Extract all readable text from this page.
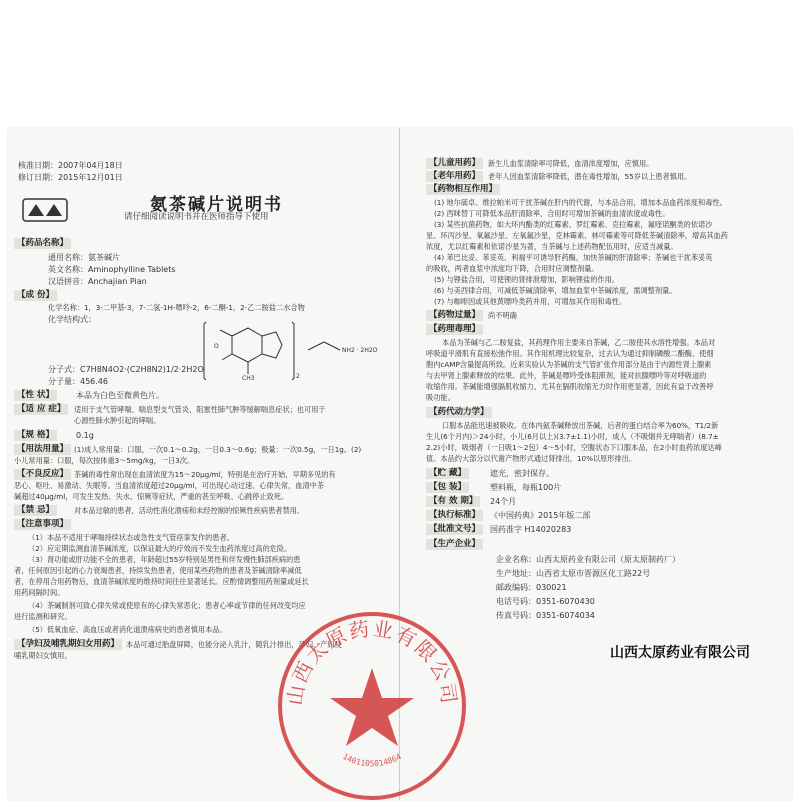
核准日期：2007年04月18日
修订日期：2015年12月01日
氨茶碱片说明书
请仔细阅读说明书并在医师指导下使用
【药品名称】
通用名称：氨茶碱片
英文名称：Aminophylline Tablets
汉语拼音：Anchajian Pian
【成 份】
化学名称：1，3-二甲基-3，7-二氢-1H-嘌呤-2，6-二酮-1，2-乙二胺盐二水合物
化学结构式：
O
CH3	2
NH2 · 2H2O
分子式：C7H8N4O2·(C2H8N2)1/2·2H2O
分子量：456.46
【性 状】	本品为白色至微黄色片。
【适 应 症】	适用于支气管哮喘、喘息型支气管炎、阻塞性肺气肿等缓解喘息症状；也可用于
心源性肺水肿引起的哮喘。
【规 格】	0.1g
【用法用量】 (1)成人常用量：口服，一次0.1～0.2g，一日0.3～0.6g；极量：一次0.5g，一日1g。(2)
小儿常用量：口服，每次按体重3～5mg/kg，一日3次。
【不良反应】 茶碱的毒性常出现在血清浓度为15～20μg/ml，特别是在治疗开始，早期多见的有
恶心、呕吐、易激动、失眠等。当血清浓度超过20μg/ml，可出现心动过速、心律失常，血清中茶
碱超过40μg/ml，可发生发热、失水、惊厥等症状，严重的甚至呼吸、心跳停止致死。
【禁 忌】	对本品过敏的患者，活动性消化溃疡和未经控制的惊厥性疾病患者禁用。
【注意事项】
（1）本品不适用于哮喘持续状态或急性支气管痉挛发作的患者。
（2）应定期监测血清茶碱浓度，以保证最大的疗效而不发生血药浓度过高的危险。
（3）肾功能或肝功能不全的患者，年龄超过55岁特别是男性和伴发慢性肺部疾病的患
者，任何原因引起的心力衰竭患者，持续发热患者，使用某些药物的患者及茶碱清除率减低
者，在停用合用药物后，血清茶碱浓度的维持时间往往显著延长。应酌情调整用药剂量或延长
用药间隔时间。
（4）茶碱制剂可致心律失常或使原有的心律失常恶化；患者心率或节律的任何改变均应
进行监测和研究。
（5）低氧血症、高血压或者消化道溃疡病史的患者慎用本品。
【孕妇及哺乳期妇女用药】 本品可通过胎盘屏障，也能分泌入乳汁，随乳汁排出，孕妇、产妇及
哺乳期妇女慎用。
【儿童用药】	新生儿血浆清除率可降低，血清浓度增加，应慎用。
【老年用药】	老年人因血浆清除率降低，潜在毒性增加，55岁以上患者慎用。
【药物相互作用】
(1) 地尔硫卓、维拉帕米可干扰茶碱在肝内的代谢，与本品合用，增加本品血药浓度和毒性。
(2) 西咪替丁可降低本品肝清除率，合用时可增加茶碱的血清浓度或毒性。
(3) 某些抗菌药物，如大环内酯类的红霉素、罗红霉素、克拉霉素，氟喹诺酮类的依诺沙
星、环丙沙星、氧氟沙星、左氧氟沙星，克林霉素、林可霉素等可降低茶碱清除率，增高其血药
浓度，尤以红霉素和依诺沙星为著，当茶碱与上述药物配伍用时，应适当减量。
(4) 苯巴比妥、苯妥英、利福平可诱导肝药酶，加快茶碱的肝清除率；茶碱也干扰苯妥英
的吸收，两者血浆中浓度均下降，合用时应调整剂量。
(5) 与锂盐合用，可使锂的肾排泄增加，影响锂盐的作用。
(6) 与美西律合用，可减低茶碱清除率，增加血浆中茶碱浓度，需调整剂量。
(7) 与咖啡因或其他黄嘌呤类药并用，可增加其作用和毒性。
【药物过量】	尚不明确
【药理毒理】
本品为茶碱与乙二胺复盐，其药理作用主要来自茶碱，乙二胺使其水溶性增强。本品对
呼吸道平滑肌有直接松弛作用。其作用机理比较复杂，过去认为通过抑制磷酸二酯酶，使细
胞内cAMP含量提高所致。近来实验认为茶碱的支气管扩张作用部分是由于内源性肾上腺素
与去甲肾上腺素释放的结果。此外，茶碱是嘌呤受体阻滞剂，能对抗腺嘌呤等对呼吸道的
收缩作用。茶碱能增强膈肌收缩力，尤其在膈肌收缩无力时作用更显著，因此有益于改善呼
吸功能。
【药代动力学】
口服本品能迅速被吸收。在体内氨茶碱释放出茶碱，后者的蛋白结合率为60%，T1/2新
生儿(6个月内)＞24小时，小儿(6月以上)(3.7±1.1)小时，成人（不吸烟并无哮喘者）(8.7±
2.2)小时，吸烟者（一日吸1～2包）4～5小时，空腹状态下口服本品，在2小时血药浓度达峰
值。本品约大部分以代谢产物形式通过肾排出，10%以原形排出。
【贮 藏】	遮光，密封保存。
【包 装】	塑料瓶，每瓶100片
【有 效 期】	24个月
【执行标准】	《中国药典》2015年版二部
【批准文号】	国药准字 H14020283
【生产企业】
企业名称：山西太原药业有限公司（原太原制药厂）
生产地址：山西省太原市晋源区化工路22号
邮政编码：030021
电话号码：0351-6070430
传真号码：0351-6074034
山西太原药业有限公司
山西太原药业有限公司
1401105014864
